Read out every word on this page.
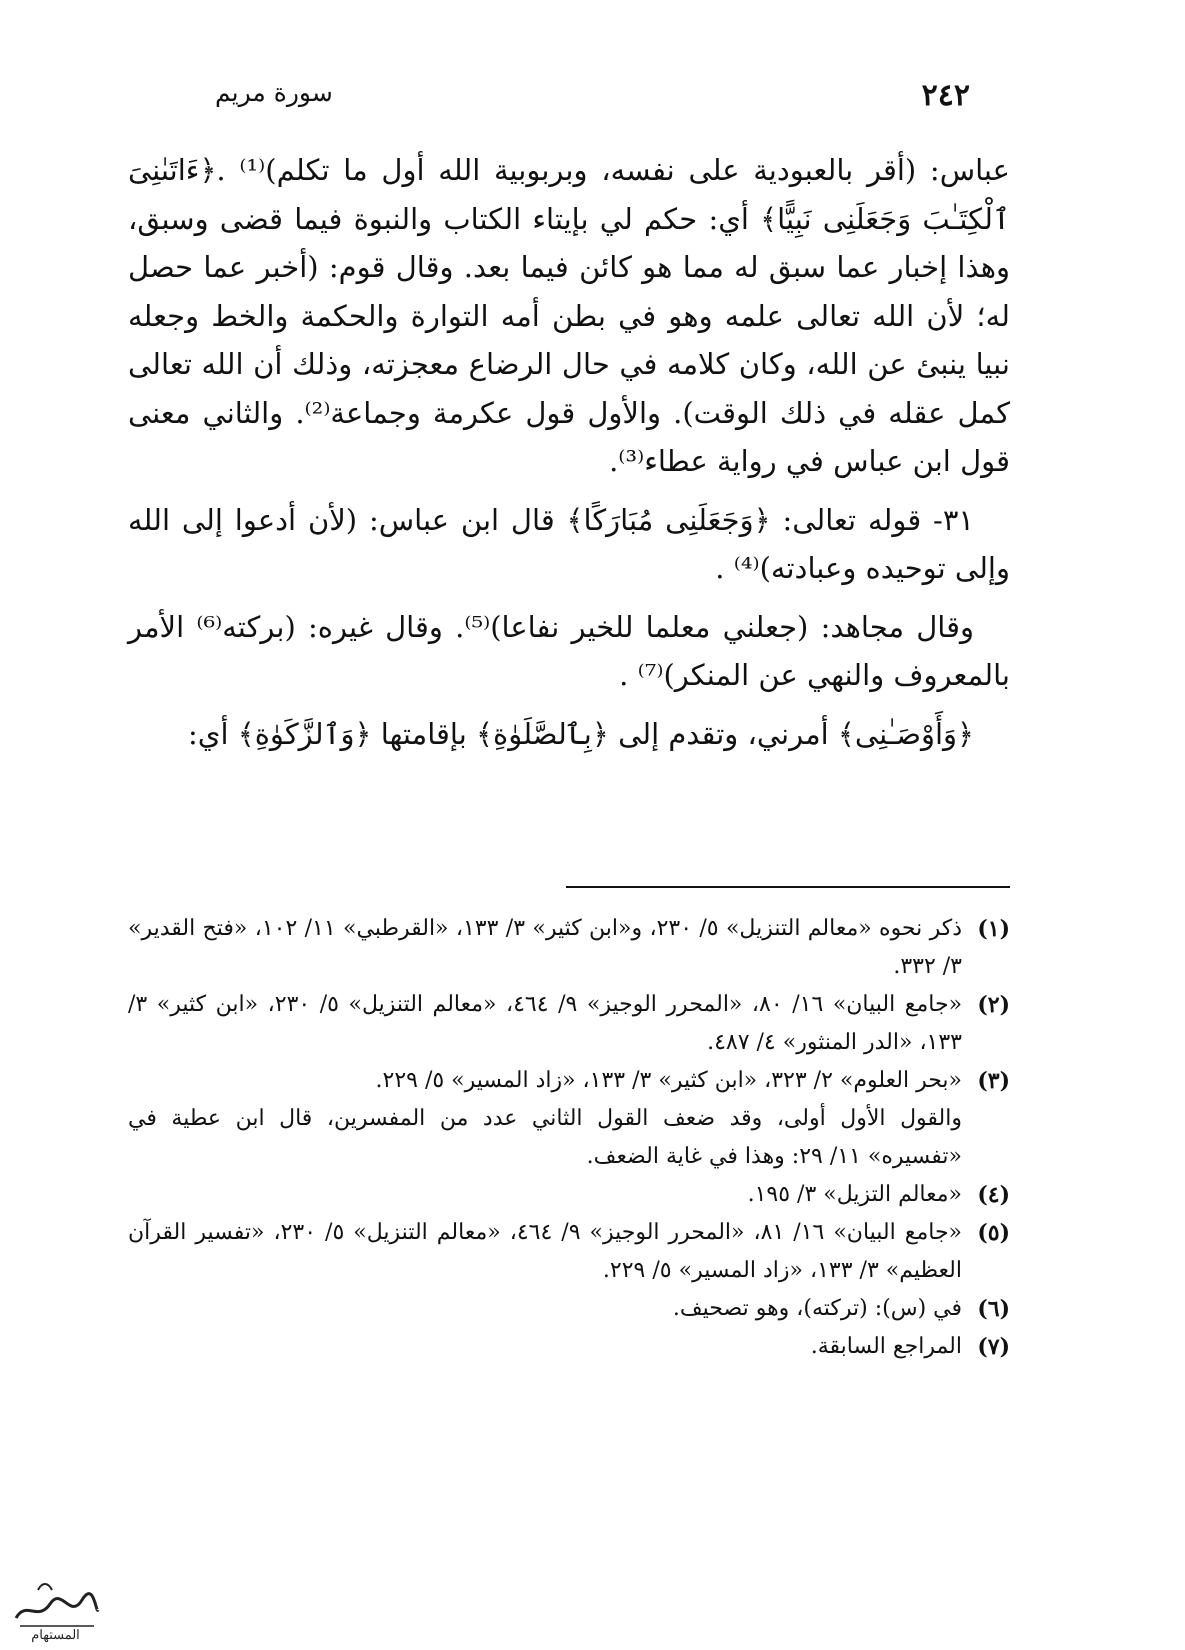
٢٤٢
سورة مريم

عباس: (أقر بالعبودية على نفسه، وبربوبية الله أول ما تكلم)⁽¹⁾ .﴿ءَاتَىٰنِىَ ٱلْكِتَـٰبَ وَجَعَلَنِى نَبِيًّا﴾ أي: حكم لي بإيتاء الكتاب والنبوة فيما قضى وسبق، وهذا إخبار عما سبق له مما هو كائن فيما بعد. وقال قوم: (أخبر عما حصل له؛ لأن الله تعالى علمه وهو في بطن أمه التوارة والحكمة والخط وجعله نبيا ينبئ عن الله، وكان كلامه في حال الرضاع معجزته، وذلك أن الله تعالى كمل عقله في ذلك الوقت). والأول قول عكرمة وجماعة⁽²⁾. والثاني معنى قول ابن عباس في رواية عطاء⁽³⁾.

٣١- قوله تعالى: ﴿وَجَعَلَنِى مُبَارَكًا﴾ قال ابن عباس: (لأن أدعوا إلى الله وإلى توحيده وعبادته)⁽⁴⁾ .

وقال مجاهد: (جعلني معلما للخير نفاعا)⁽⁵⁾. وقال غيره: (بركته⁽⁶⁾ الأمر بالمعروف والنهي عن المنكر)⁽⁷⁾ .

﴿وَأَوْصَـٰنِى﴾ أمرني، وتقدم إلى ﴿بِٱلصَّلَوٰةِ﴾ بإقامتها ﴿وَٱلزَّكَوٰةِ﴾ أي:

(١)
ذكر نحوه «معالم التنزيل» ٥/ ٢٣٠، و«ابن كثير» ٣/ ١٣٣، «القرطبي» ١١/ ١٠٢، «فتح القدير» ٣/ ٣٣٢.
(٢)
«جامع البيان» ١٦/ ٨٠، «المحرر الوجيز» ٩/ ٤٦٤، «معالم التنزيل» ٥/ ٢٣٠، «ابن كثير» ٣/ ١٣٣، «الدر المنثور» ٤/ ٤٨٧.
(٣)
«بحر العلوم» ٢/ ٣٢٣، «ابن كثير» ٣/ ١٣٣، «زاد المسير» ٥/ ٢٢٩.
والقول الأول أولى، وقد ضعف القول الثاني عدد من المفسرين، قال ابن عطية في «تفسيره» ١١/ ٢٩: وهذا في غاية الضعف.
(٤)
«معالم التزيل» ٣/ ١٩٥.
(٥)
«جامع البيان» ١٦/ ٨١، «المحرر الوجيز» ٩/ ٤٦٤، «معالم التنزيل» ٥/ ٢٣٠، «تفسير القرآن العظيم» ٣/ ١٣٣، «زاد المسير» ٥/ ٢٢٩.
(٦)
في (س): (تركته)، وهو تصحيف.
(٧)
المراجع السابقة.
المستهام
